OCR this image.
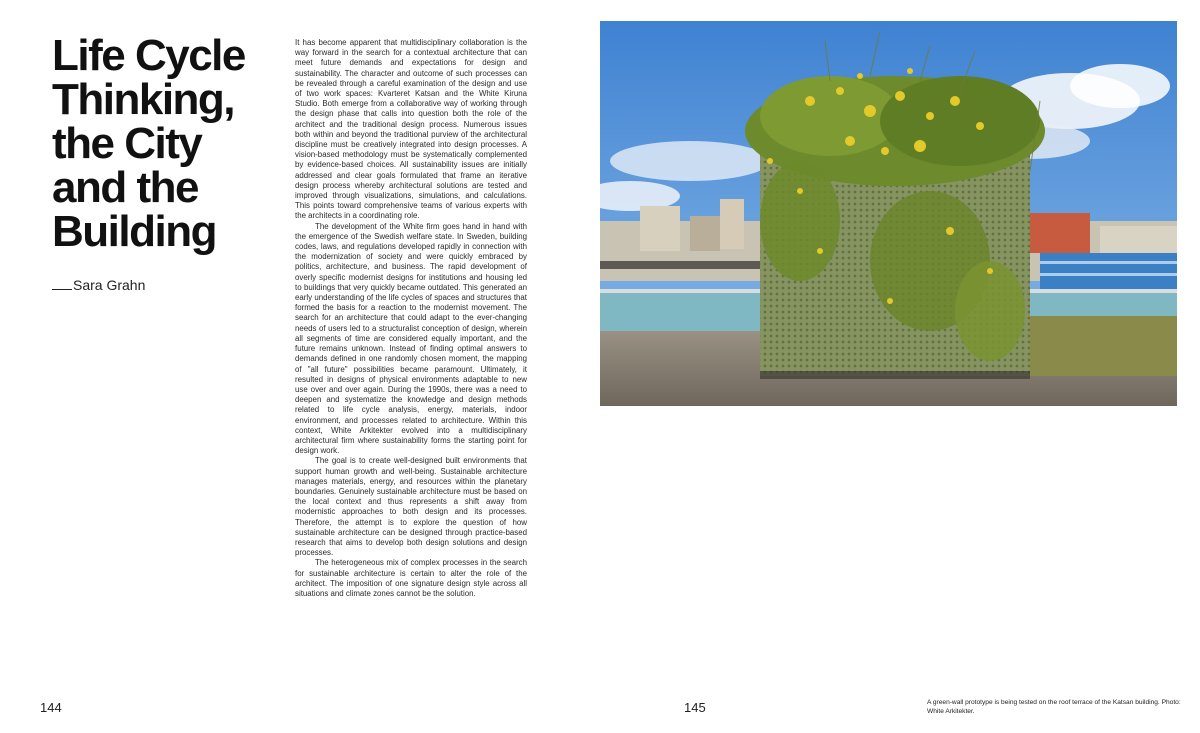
Life Cycle
Thinking,
the City
and the
Building
Sara Grahn

It has become apparent that multidisciplinary collaboration is the way forward in the search for a contextual architecture that can meet future demands and expectations for design and sustainability. The character and outcome of such processes can be revealed through a careful examination of the design and use of two work spaces: Kvarteret Katsan and the White Kiruna Studio. Both emerge from a collaborative way of working through the design phase that calls into question both the role of the architect and the traditional design process. Numerous issues both within and beyond the traditional purview of the architectural discipline must be creatively integrated into design processes. A vision-based methodology must be systematically complemented by evidence-based choices. All sustainability issues are initially addressed and clear goals formulated that frame an iterative design process whereby architectural solutions are tested and improved through visualizations, simulations, and calculations. This points toward comprehensive teams of various experts with the architects in a coordinating role.

The development of the White firm goes hand in hand with the emergence of the Swedish welfare state. In Sweden, building codes, laws, and regulations developed rapidly in connection with the modernization of society and were quickly embraced by politics, architecture, and business. The rapid development of overly specific modernist designs for institutions and housing led to buildings that very quickly became outdated. This generated an early understanding of the life cycles of spaces and structures that formed the basis for a reaction to the modernist movement. The search for an architecture that could adapt to the ever-changing needs of users led to a structuralist conception of design, wherein all segments of time are considered equally important, and the future remains unknown. Instead of finding optimal answers to demands defined in one randomly chosen moment, the mapping of "all future" possibilities became paramount. Ultimately, it resulted in designs of physical environments adaptable to new use over and over again. During the 1990s, there was a need to deepen and systematize the knowledge and design methods related to life cycle analysis, energy, materials, indoor environment, and processes related to architecture. Within this context, White Arkitekter evolved into a multidisciplinary architectural firm where sustainability forms the starting point for design work.

The goal is to create well-designed built environments that support human growth and well-being. Sustainable architecture manages materials, energy, and resources within the planetary boundaries. Genuinely sustainable architecture must be based on the local context and thus represents a shift away from modernistic approaches to both design and its processes. Therefore, the attempt is to explore the question of how sustainable architecture can be designed through practice-based research that aims to develop both design solutions and design processes.

The heterogeneous mix of complex processes in the search for sustainable architecture is certain to alter the role of the architect. The imposition of one signature design style across all situations and climate zones cannot be the solution.

144	145	A green-wall prototype is being tested on the roof terrace of the Katsan building. Photo: White Arkitekter.
